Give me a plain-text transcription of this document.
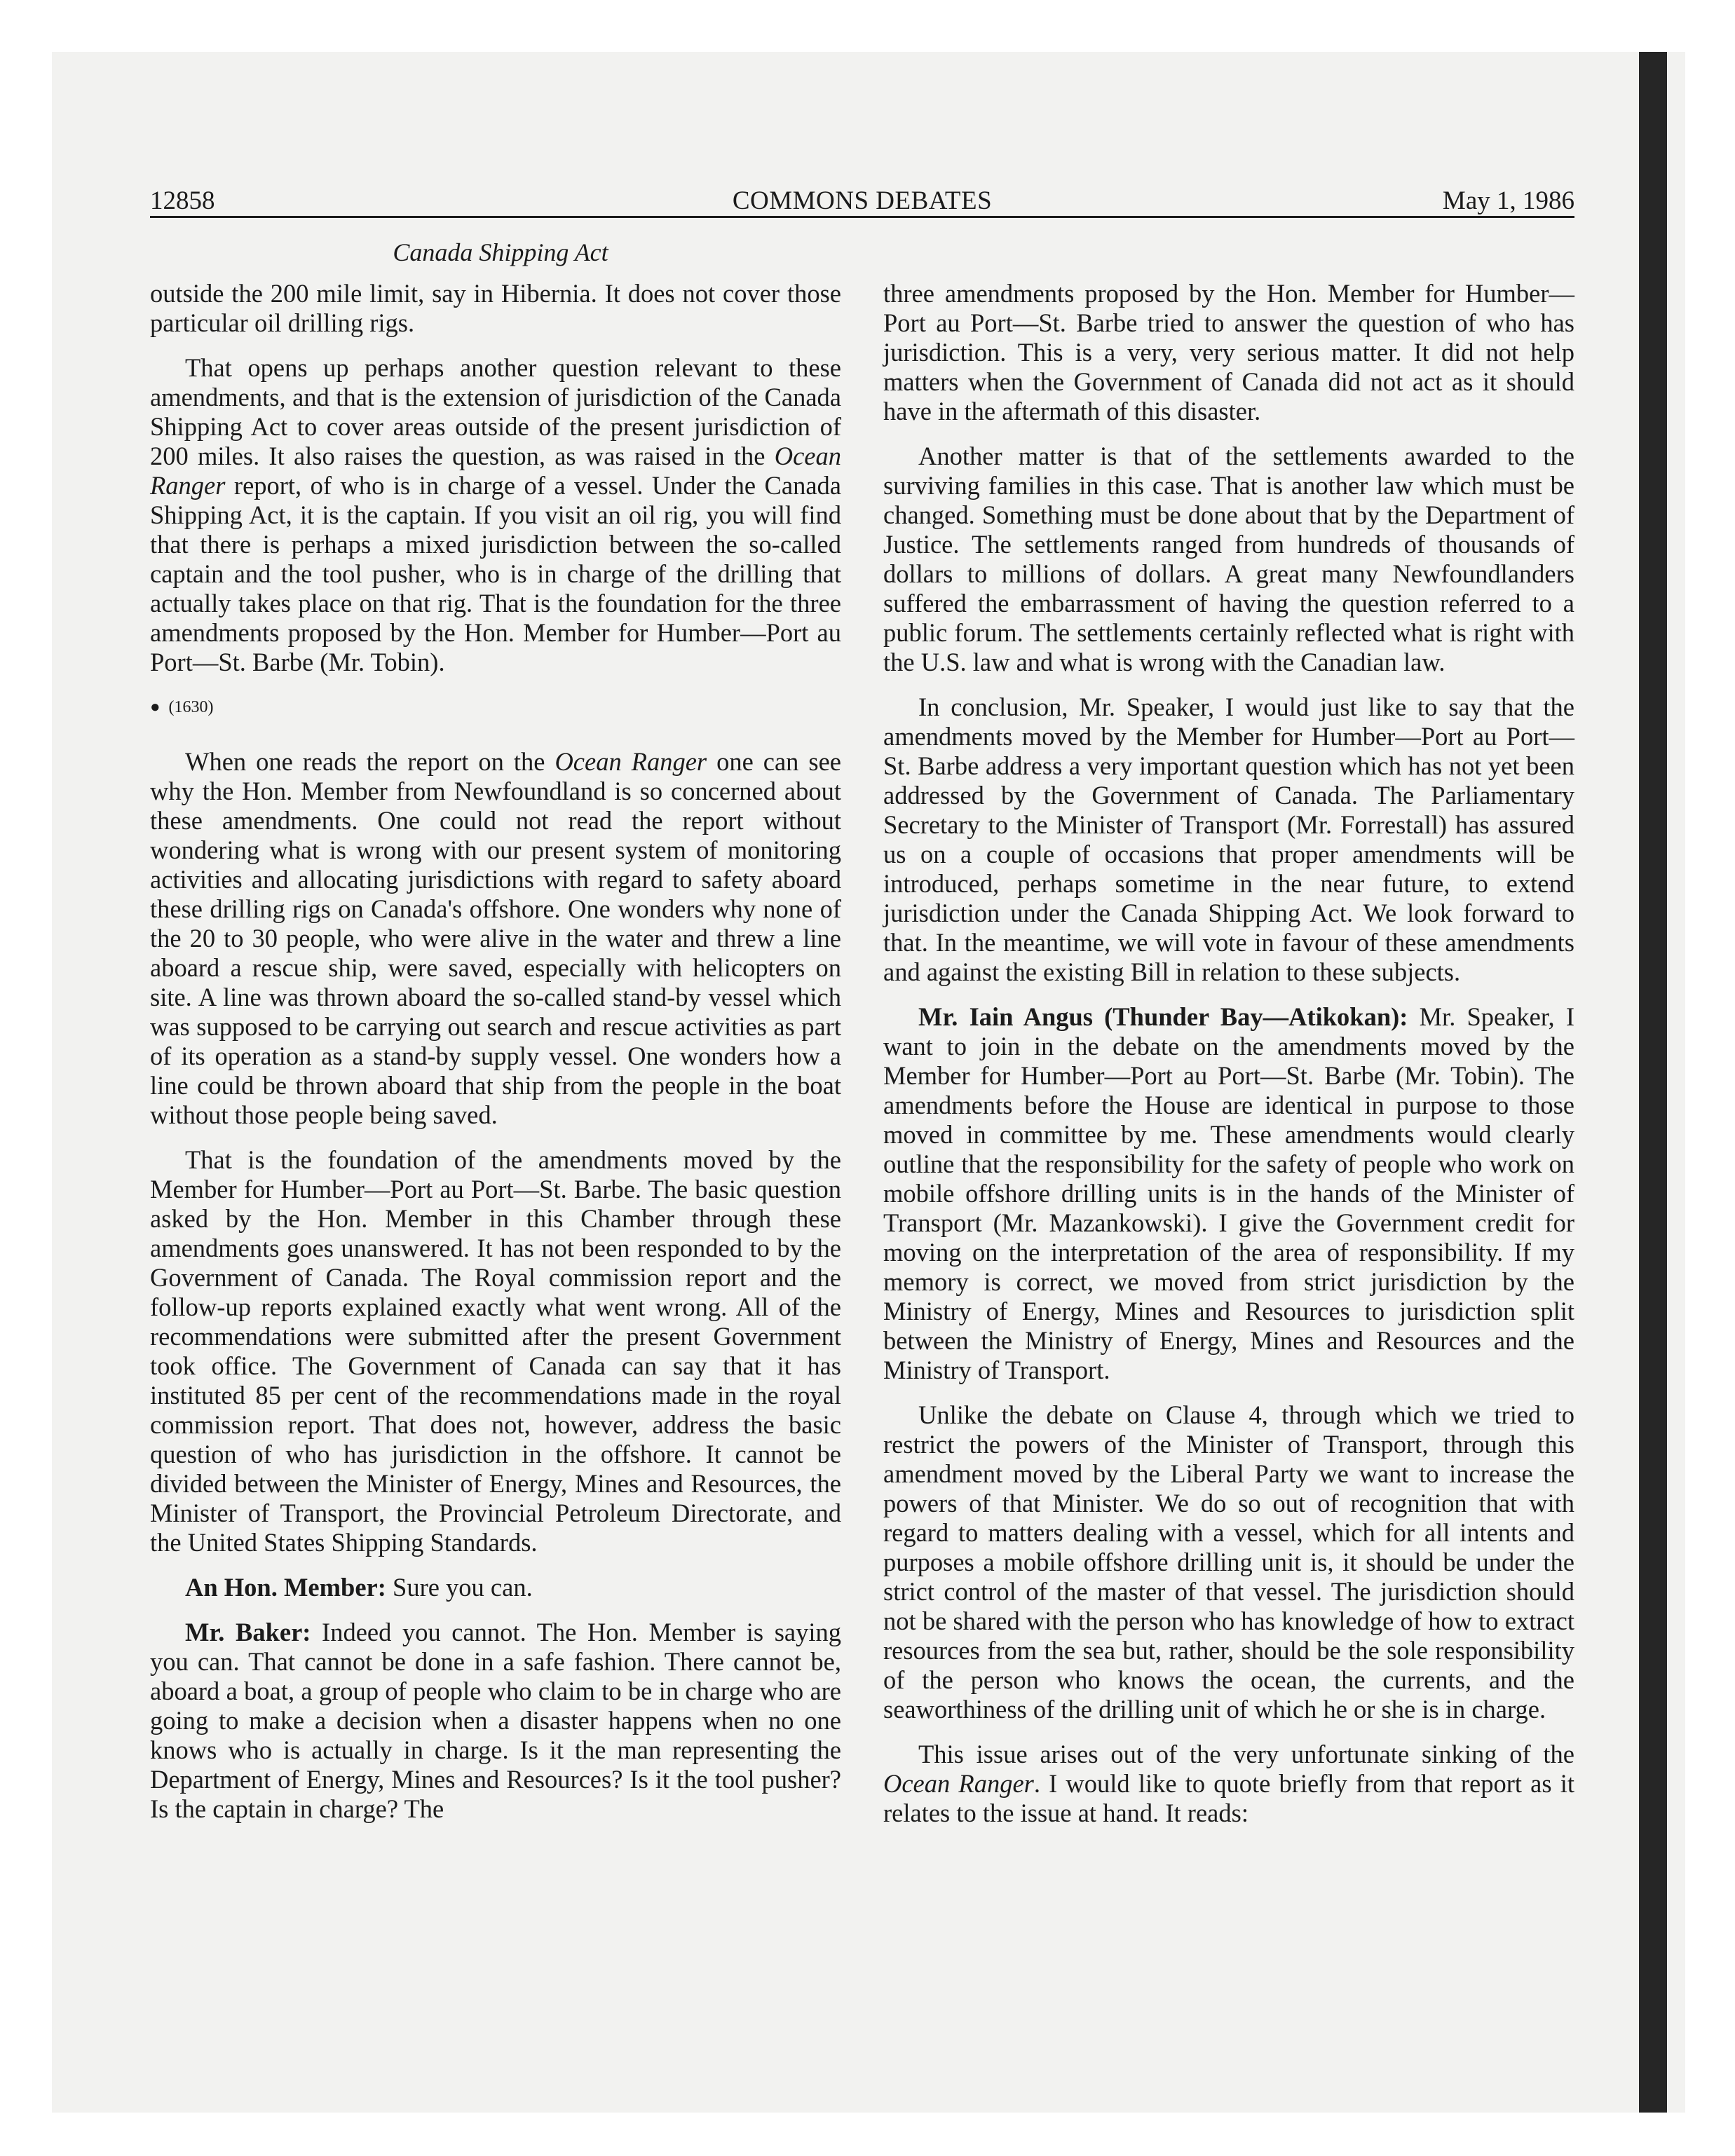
12858	COMMONS DEBATES	May 1, 1986
Canada Shipping Act

outside the 200 mile limit, say in Hibernia. It does not cover those particular oil drilling rigs.

That opens up perhaps another question relevant to these amendments, and that is the extension of jurisdiction of the Canada Shipping Act to cover areas outside of the present jurisdiction of 200 miles. It also raises the question, as was raised in the Ocean Ranger report, of who is in charge of a vessel. Under the Canada Shipping Act, it is the captain. If you visit an oil rig, you will find that there is perhaps a mixed jurisdiction between the so-called captain and the tool pusher, who is in charge of the drilling that actually takes place on that rig. That is the foundation for the three amendments proposed by the Hon. Member for Humber—Port au Port—St. Barbe (Mr. Tobin).

● (1630)

When one reads the report on the Ocean Ranger one can see why the Hon. Member from Newfoundland is so concerned about these amendments. One could not read the report without wondering what is wrong with our present system of monitoring activities and allocating jurisdictions with regard to safety aboard these drilling rigs on Canada's offshore. One wonders why none of the 20 to 30 people, who were alive in the water and threw a line aboard a rescue ship, were saved, especially with helicopters on site. A line was thrown aboard the so-called stand-by vessel which was supposed to be carrying out search and rescue activities as part of its operation as a stand-by supply vessel. One wonders how a line could be thrown aboard that ship from the people in the boat without those people being saved.

That is the foundation of the amendments moved by the Member for Humber—Port au Port—St. Barbe. The basic question asked by the Hon. Member in this Chamber through these amendments goes unanswered. It has not been responded to by the Government of Canada. The Royal commission report and the follow-up reports explained exactly what went wrong. All of the recommendations were submitted after the present Government took office. The Government of Canada can say that it has instituted 85 per cent of the recommendations made in the royal commission report. That does not, however, address the basic question of who has jurisdiction in the offshore. It cannot be divided between the Minister of Energy, Mines and Resources, the Minister of Transport, the Provincial Petroleum Directorate, and the United States Shipping Standards.

An Hon. Member: Sure you can.

Mr. Baker: Indeed you cannot. The Hon. Member is saying you can. That cannot be done in a safe fashion. There cannot be, aboard a boat, a group of people who claim to be in charge who are going to make a decision when a disaster happens when no one knows who is actually in charge. Is it the man representing the Department of Energy, Mines and Resources? Is it the tool pusher? Is the captain in charge? The

three amendments proposed by the Hon. Member for Humber—Port au Port—St. Barbe tried to answer the question of who has jurisdiction. This is a very, very serious matter. It did not help matters when the Government of Canada did not act as it should have in the aftermath of this disaster.

Another matter is that of the settlements awarded to the surviving families in this case. That is another law which must be changed. Something must be done about that by the Department of Justice. The settlements ranged from hundreds of thousands of dollars to millions of dollars. A great many Newfoundlanders suffered the embarrassment of having the question referred to a public forum. The settlements certainly reflected what is right with the U.S. law and what is wrong with the Canadian law.

In conclusion, Mr. Speaker, I would just like to say that the amendments moved by the Member for Humber—Port au Port—St. Barbe address a very important question which has not yet been addressed by the Government of Canada. The Parliamentary Secretary to the Minister of Transport (Mr. Forrestall) has assured us on a couple of occasions that proper amendments will be introduced, perhaps sometime in the near future, to extend jurisdiction under the Canada Shipping Act. We look forward to that. In the meantime, we will vote in favour of these amendments and against the existing Bill in relation to these subjects.

Mr. Iain Angus (Thunder Bay—Atikokan): Mr. Speaker, I want to join in the debate on the amendments moved by the Member for Humber—Port au Port—St. Barbe (Mr. Tobin). The amendments before the House are identical in purpose to those moved in committee by me. These amendments would clearly outline that the responsibility for the safety of people who work on mobile offshore drilling units is in the hands of the Minister of Transport (Mr. Mazankowski). I give the Government credit for moving on the interpretation of the area of responsibility. If my memory is correct, we moved from strict jurisdiction by the Ministry of Energy, Mines and Resources to jurisdiction split between the Ministry of Energy, Mines and Resources and the Ministry of Transport.

Unlike the debate on Clause 4, through which we tried to restrict the powers of the Minister of Transport, through this amendment moved by the Liberal Party we want to increase the powers of that Minister. We do so out of recognition that with regard to matters dealing with a vessel, which for all intents and purposes a mobile offshore drilling unit is, it should be under the strict control of the master of that vessel. The jurisdiction should not be shared with the person who has knowledge of how to extract resources from the sea but, rather, should be the sole responsibility of the person who knows the ocean, the currents, and the seaworthiness of the drilling unit of which he or she is in charge.

This issue arises out of the very unfortunate sinking of the Ocean Ranger. I would like to quote briefly from that report as it relates to the issue at hand. It reads:
